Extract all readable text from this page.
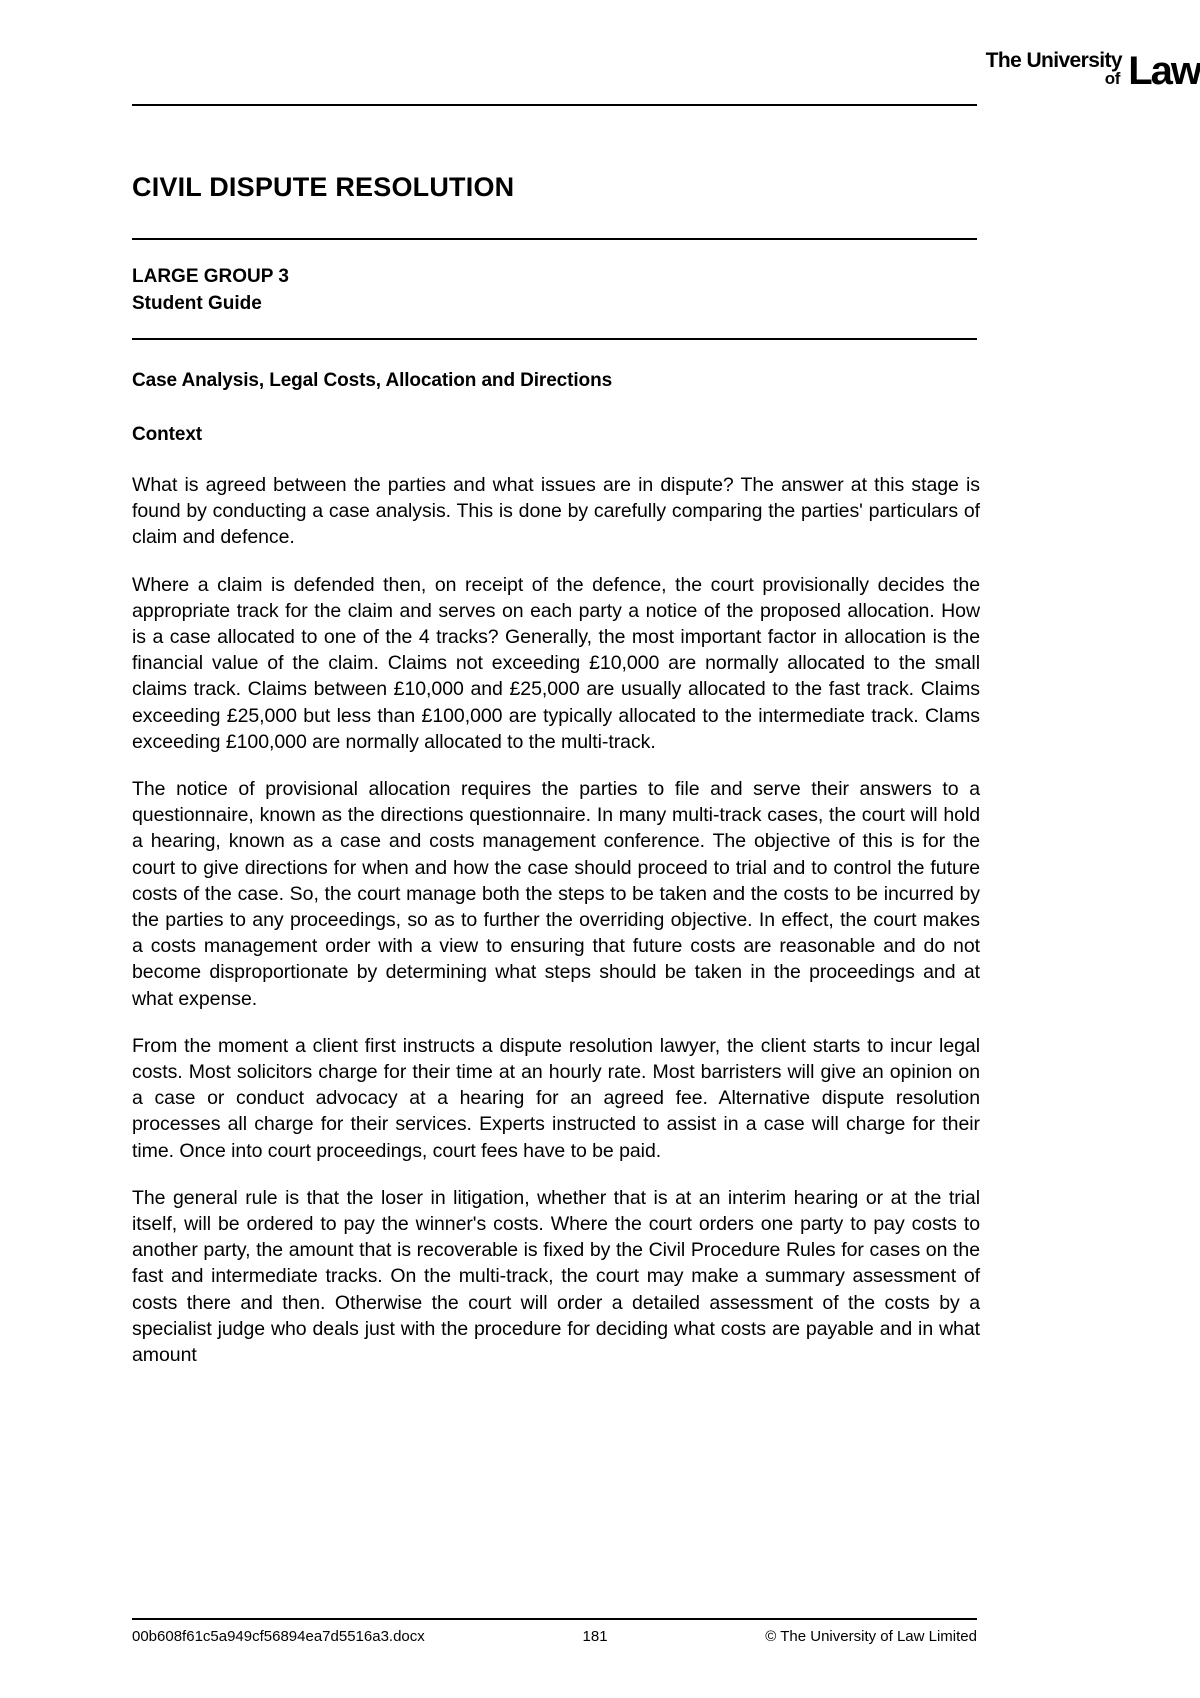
The University
of Law
CIVIL DISPUTE RESOLUTION
LARGE GROUP 3
Student Guide
Case Analysis, Legal Costs, Allocation and Directions
Context

What is agreed between the parties and what issues are in dispute? The answer at this stage is found by conducting a case analysis. This is done by carefully comparing the parties' particulars of claim and defence.

Where a claim is defended then, on receipt of the defence, the court provisionally decides the appropriate track for the claim and serves on each party a notice of the proposed allocation. How is a case allocated to one of the 4 tracks? Generally, the most important factor in allocation is the financial value of the claim. Claims not exceeding £10,000 are normally allocated to the small claims track. Claims between £10,000 and £25,000 are usually allocated to the fast track. Claims exceeding £25,000 but less than £100,000 are typically allocated to the intermediate track. Clams exceeding £100,000 are normally allocated to the multi-track.

The notice of provisional allocation requires the parties to file and serve their answers to a questionnaire, known as the directions questionnaire. In many multi-track cases, the court will hold a hearing, known as a case and costs management conference. The objective of this is for the court to give directions for when and how the case should proceed to trial and to control the future costs of the case. So, the court manage both the steps to be taken and the costs to be incurred by the parties to any proceedings, so as to further the overriding objective. In effect, the court makes a costs management order with a view to ensuring that future costs are reasonable and do not become disproportionate by determining what steps should be taken in the proceedings and at what expense.

From the moment a client first instructs a dispute resolution lawyer, the client starts to incur legal costs. Most solicitors charge for their time at an hourly rate. Most barristers will give an opinion on a case or conduct advocacy at a hearing for an agreed fee. Alternative dispute resolution processes all charge for their services. Experts instructed to assist in a case will charge for their time. Once into court proceedings, court fees have to be paid.

The general rule is that the loser in litigation, whether that is at an interim hearing or at the trial itself, will be ordered to pay the winner's costs. Where the court orders one party to pay costs to another party, the amount that is recoverable is fixed by the Civil Procedure Rules for cases on the fast and intermediate tracks. On the multi-track, the court may make a summary assessment of costs there and then. Otherwise the court will order a detailed assessment of the costs by a specialist judge who deals just with the procedure for deciding what costs are payable and in what amount

00b608f61c5a949cf56894ea7d5516a3.docx	181	© The University of Law Limited
